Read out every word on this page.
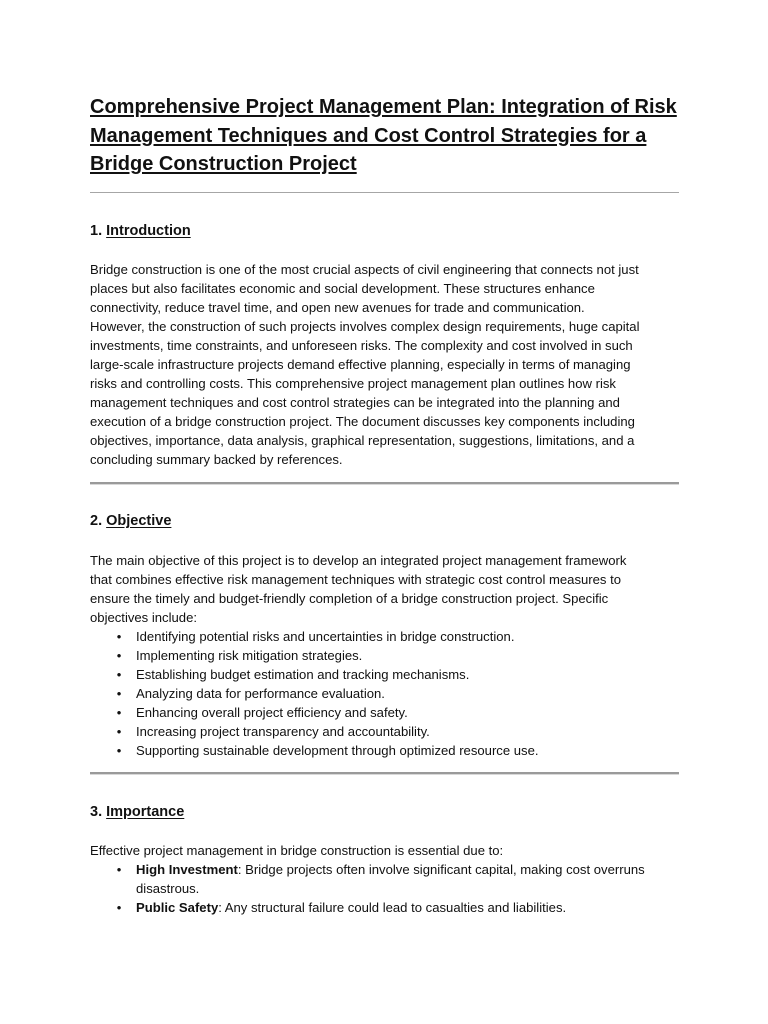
Comprehensive Project Management Plan: Integration of Risk
Management Techniques and Cost Control Strategies for a
Bridge Construction Project
1. Introduction
Bridge construction is one of the most crucial aspects of civil engineering that connects not just
places but also facilitates economic and social development. These structures enhance
connectivity, reduce travel time, and open new avenues for trade and communication.
However, the construction of such projects involves complex design requirements, huge capital
investments, time constraints, and unforeseen risks. The complexity and cost involved in such
large-scale infrastructure projects demand effective planning, especially in terms of managing
risks and controlling costs. This comprehensive project management plan outlines how risk
management techniques and cost control strategies can be integrated into the planning and
execution of a bridge construction project. The document discusses key components including
objectives, importance, data analysis, graphical representation, suggestions, limitations, and a
concluding summary backed by references.
2. Objective
The main objective of this project is to develop an integrated project management framework
that combines effective risk management techniques with strategic cost control measures to
ensure the timely and budget-friendly completion of a bridge construction project. Specific
objectives include:
• Identifying potential risks and uncertainties in bridge construction.
• Implementing risk mitigation strategies.
• Establishing budget estimation and tracking mechanisms.
• Analyzing data for performance evaluation.
• Enhancing overall project efficiency and safety.
• Increasing project transparency and accountability.
• Supporting sustainable development through optimized resource use.
3. Importance
Effective project management in bridge construction is essential due to:
• High Investment: Bridge projects often involve significant capital, making cost overruns
disastrous.
• Public Safety: Any structural failure could lead to casualties and liabilities.
